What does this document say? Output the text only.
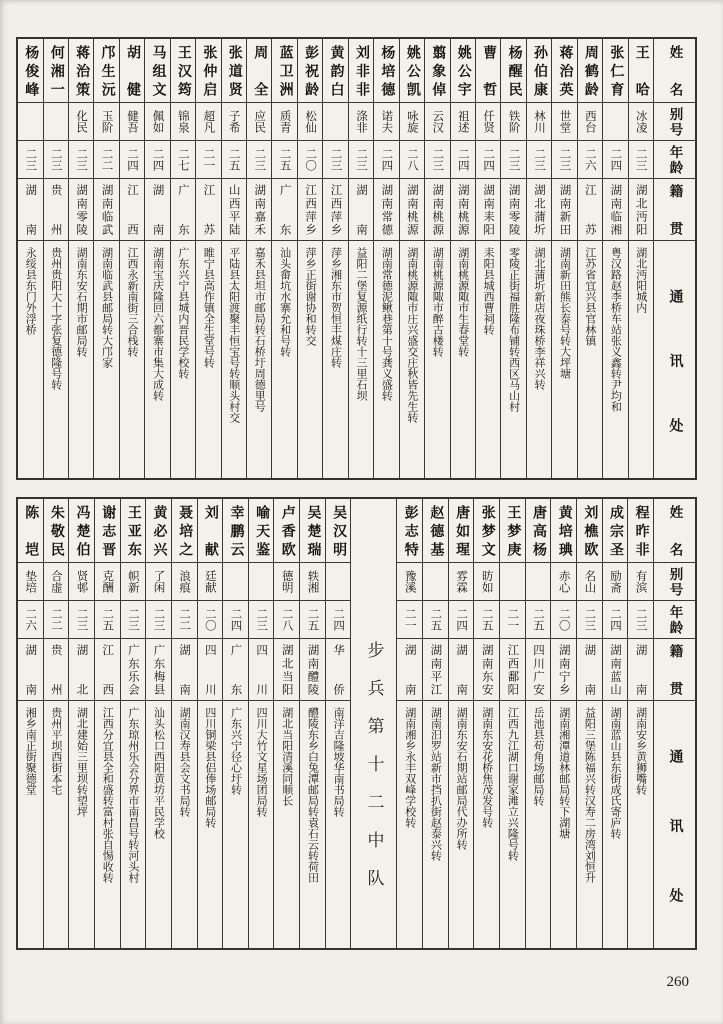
姓名
别号
年龄
籍贯
通讯处
王哈
冰凌
二三
湖北沔阳
湖北沔阳城内
张仁育
二四
湖南临湘
粤汉路赵李桥车站张义鑫转尹均和
周鹤龄
西台
二六
江苏
江苏省宜兴县官林镇
蒋治英
世堂
二三
湖南新田
湖南新田熊长泰号转大坪塘
孙伯康
林川
二三
湖北蒲圻
湖北蒲圻新店夜珠桥李祥兴转
杨醒民
铁阶
二三
湖南零陵
零陵正街福胜隆布铺转西区马山村
曹哲
仟贤
二四
湖南耒阳
耒阳县城西曹祠转
姚公宇
祖述
二四
湖南桃源
湖南桃源陬市生春堂转
翦象倬
云汉
二三
湖南桃源
湖南桃源陬市醉古楼转
姚公凯
咏旋
二八
湖南桃源
湖南桃源陬市庄兴盛交庄秋皆先生转
杨培德
诺夫
二四
湖南常德
湖南常德泥鳅巷第十号龚义盛转
刘非非
涤非
二三
湖南
益阳二堡复源纸行转十三里石坝
黄韵白
二三
江西萍乡
萍乡湘东市贺恒丰煤庄转
彭祝龄
松仙
二〇
江西萍乡
萍乡正街谢协和转交
蓝卫洲
质青
二五
广东
汕头畲坑水寨允和号转
周全
应民
二三
湖南嘉禾
嘉禾县坦市邮局转石桥圩周德里号
张道贤
子希
二五
山西平陆
平陆县太阳渡聚丰恒宝号转顺头村交
张仲启
超凡
二一
江苏
睢宁县高作镇全生堂号转
王汉筠
锦泉
二七
广东
广东兴宁县城内晋民学校转
马组文
佩如
二四
湖南
湖南宝庆隆回六都寨市集大成转
胡健
健吾
二四
江西
江西永新南街三合栈转
邝生沅
玉阶
二二
湖南临武
湖南临武县邮局转大邝家
蒋治策
化民
二三
湖南零陵
湖南东安石期市邮局转
何湘一
二三
贵州
贵州贵阳大十字张复德隆号转
杨俊峰
二三
湖南
永绥县东门外浮桥
姓名
别号
年龄
籍贯
通讯处
程昨非
有滨
二三
湖南
湖南安乡黄狮嘴转
成宗圣
励斋
二四
湖南蓝山
湖南蓝山县东街成氏寄庐转
刘樵欧
名山
二三
湖南
益阳三堡陈福兴转汉寿二房湾刘恒升
黄培琠
赤心
二〇
湖南宁乡
湖南湘潭道林邮局转下湖塘
唐高杨
二五
四川广安
岳池县苟角场邮局转
王梦庚
二一
江西鄱阳
江西九江湖口谢家滩立兴隆号转
张梦文
昉如
二五
湖南东安
湖南东安花桥焦茂发号转
唐如瑆
雰霖
二四
湖南
湖南东安石期站邮局代办所转
赵德基
二五
湖南平江
湖南汨罗站新市挡扒街赵泰兴转
彭志特
豫溪
二一
湖南
湖南湘乡永丰双峰学校转
步兵第十二中队
吴汉明
二四
华侨
南洋吉隆坡华南书局转
吴楚瑞
轶湘
二五
湖南醴陵
醴陵东乡白兔潭邮局转袁石云转荷田
卢香欧
德明
二八
湖北当阳
湖北当阳清溪同顺长
喻天鉴
二三
四川
四川大竹文星场团局转
幸鹏云
二四
广东
广东兴宁径心圩转
刘献
廷献
二〇
四川
四川铜梁县侣俸场邮局转
聂培之
浪痕
二二
湖南
湖南汉寿县会文书局转
黄必兴
了闲
二三
广东梅县
汕头松口西阳黄坊平民学校
王亚东
帜新
二三
广东乐会
广东琼州乐会分界市南昌号转河头村
谢志晋
克酬
二五
江西
江西分宜县全和盛转富村张自惕收转
冯楚伯
贤邨
二三
湖北
湖北建始三里坝转望坪
朱敬民
合虚
二二
贵州
贵州平坝西街本宅
陈垲
垫培
二六
湖南
湘乡南正街聚德堂
260
